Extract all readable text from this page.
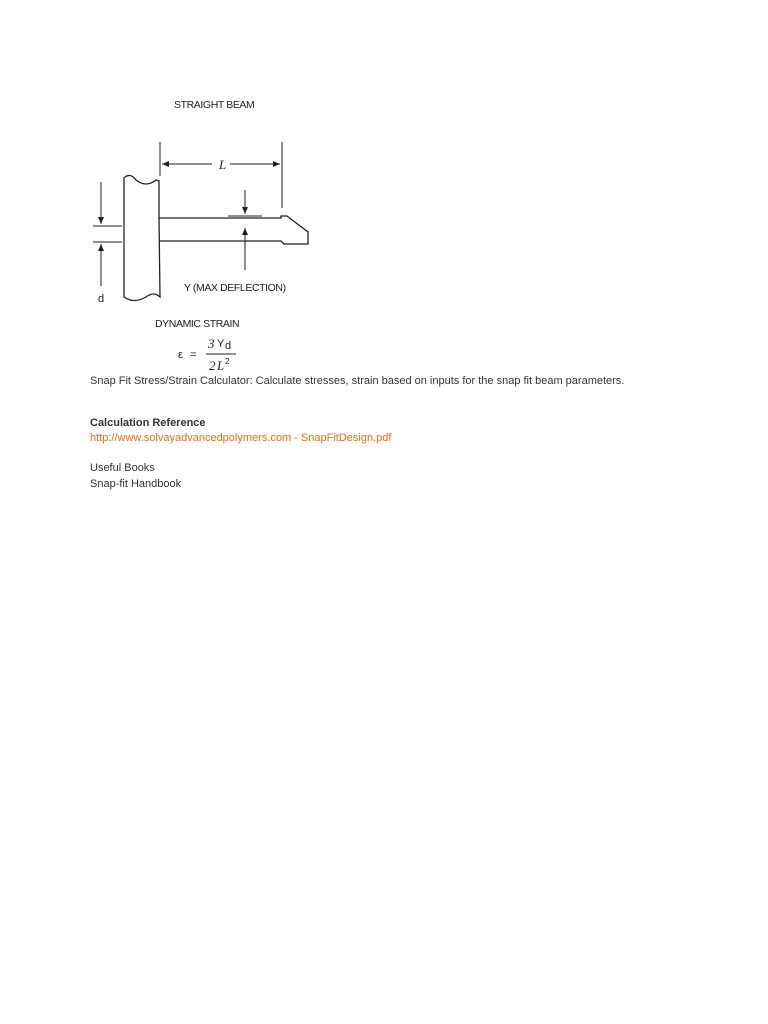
STRAIGHT BEAM
L
d
Y (MAX DEFLECTION)
DYNAMIC STRAIN
ε =
3 Y d
2 L 2
Snap Fit Stress/Strain Calculator: Calculate stresses, strain based on inputs for the snap fit beam parameters.
Calculation Reference
http://www.solvayadvancedpolymers.com - SnapFitDesign.pdf
Useful Books
Snap-fit Handbook
